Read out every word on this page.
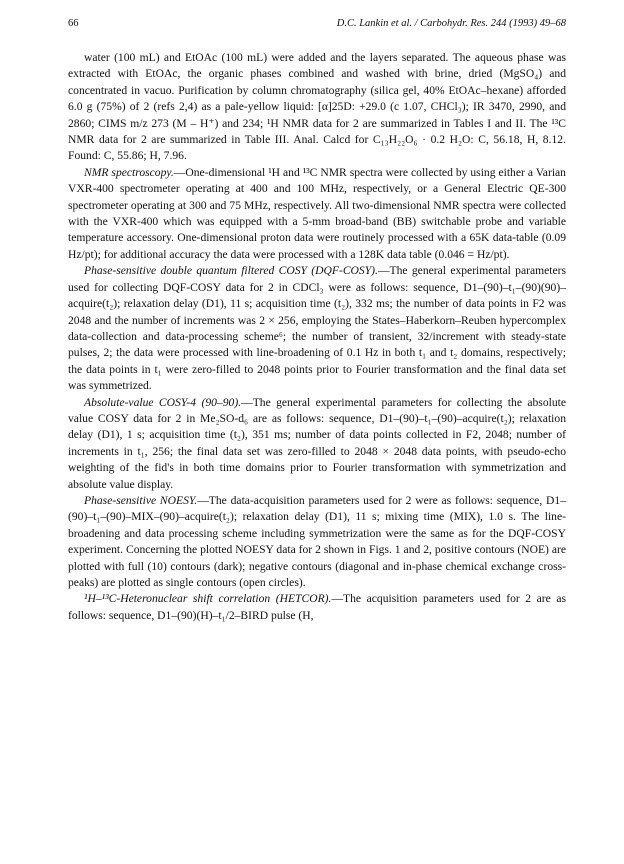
66	D.C. Lankin et al. / Carbohydr. Res. 244 (1993) 49–68

water (100 mL) and EtOAc (100 mL) were added and the layers separated. The aqueous phase was extracted with EtOAc, the organic phases combined and washed with brine, dried (MgSO₄) and concentrated in vacuo. Purification by column chromatography (silica gel, 40% EtOAc–hexane) afforded 6.0 g (75%) of 2 (refs 2,4) as a pale-yellow liquid: [α]25D: +29.0 (c 1.07, CHCl₃); IR 3470, 2990, and 2860; CIMS m/z 273 (M – H⁺) and 234; ¹H NMR data for 2 are summarized in Tables I and II. The ¹³C NMR data for 2 are summarized in Table III. Anal. Calcd for C₁₃H₂₂O₆ · 0.2 H₂O: C, 56.18, H, 8.12. Found: C, 55.86; H, 7.96.

NMR spectroscopy.—One-dimensional ¹H and ¹³C NMR spectra were collected by using either a Varian VXR-400 spectrometer operating at 400 and 100 MHz, respectively, or a General Electric QE-300 spectrometer operating at 300 and 75 MHz, respectively. All two-dimensional NMR spectra were collected with the VXR-400 which was equipped with a 5-mm broad-band (BB) switchable probe and variable temperature accessory. One-dimensional proton data were routinely processed with a 65K data-table (0.09 Hz/pt); for additional accuracy the data were processed with a 128K data table (0.046 = Hz/pt).

Phase-sensitive double quantum filtered COSY (DQF-COSY).—The general experimental parameters used for collecting DQF-COSY data for 2 in CDCl₃ were as follows: sequence, D1–(90)–t₁–(90)(90)–acquire(t₂); relaxation delay (D1), 11 s; acquisition time (t₂), 332 ms; the number of data points in F2 was 2048 and the number of increments was 2 × 256, employing the States–Haberkorn–Reuben hypercomplex data-collection and data-processing scheme⁶; the number of transient, 32/increment with steady-state pulses, 2; the data were processed with line-broadening of 0.1 Hz in both t₁ and t₂ domains, respectively; the data points in t₁ were zero-filled to 2048 points prior to Fourier transformation and the final data set was symmetrized.

Absolute-value COSY-4 (90–90).—The general experimental parameters for collecting the absolute value COSY data for 2 in Me₂SO-d₆ are as follows: sequence, D1–(90)–t₁–(90)–acquire(t₂); relaxation delay (D1), 1 s; acquisition time (t₂), 351 ms; number of data points collected in F2, 2048; number of increments in t₁, 256; the final data set was zero-filled to 2048 × 2048 data points, with pseudo-echo weighting of the fid's in both time domains prior to Fourier transformation with symmetrization and absolute value display.

Phase-sensitive NOESY.—The data-acquisition parameters used for 2 were as follows: sequence, D1–(90)–t₁–(90)–MIX–(90)–acquire(t₂); relaxation delay (D1), 11 s; mixing time (MIX), 1.0 s. The line-broadening and data processing scheme including symmetrization were the same as for the DQF-COSY experiment. Concerning the plotted NOESY data for 2 shown in Figs. 1 and 2, positive contours (NOE) are plotted with full (10) contours (dark); negative contours (diagonal and in-phase chemical exchange cross-peaks) are plotted as single contours (open circles).

¹H–¹³C-Heteronuclear shift correlation (HETCOR).—The acquisition parameters used for 2 are as follows: sequence, D1–(90)(H)–t₁/2–BIRD pulse (H,
